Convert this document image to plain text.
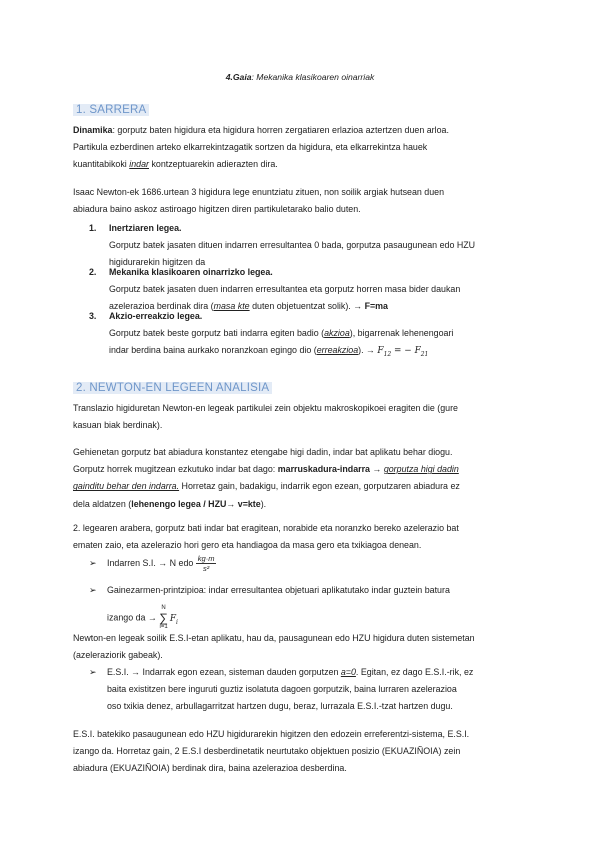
4.Gaia: Mekanika klasikoaren oinarriak
1. SARRERA
Dinamika: gorputz baten higidura eta higidura horren zergatiaren erlazioa aztertzen duen arloa.
Partikula ezberdinen arteko elkarrekintzagatik sortzen da higidura, eta elkarrekintza hauek
kuantitabikoki indar kontzeptuarekin adierazten dira.
Isaac Newton-ek 1686.urtean 3 higidura lege enuntziatu zituen, non soilik argiak hutsean duen
abiadura baino askoz astiroago higitzen diren partikuletarako balio duten.
1. Inertziaren legea.
Gorputz batek jasaten dituen indarren erresultantea 0 bada, gorputza pasaugunean edo HZU
higidurarekin higitzen da
2. Mekanika klasikoaren oinarrizko legea.
Gorputz batek jasaten duen indarren erresultantea eta gorputz horren masa bider daukan
azelerazioa berdinak dira (masa kte duten objetuentzat solik). → F=ma
3. Akzio-erreakzio legea.
Gorputz batek beste gorputz bati indarra egiten badio (akzioa), bigarrenak lehenengoari
indar berdina baina aurkako noranzkoan egingo dio (erreakzioa). → $F_{12}$ = − $F_{21}$
2. NEWTON-EN LEGEEN ANALISIA
Translazio higiduretan Newton-en legeak partikulei zein objektu makroskopikoei eragiten die (gure
kasuan biak berdinak).
Gehienetan gorputz bat abiadura konstantez etengabe higi dadin, indar bat aplikatu behar diogu.
Gorputz horrek mugitzean ezkutuko indar bat dago: marruskadura-indarra → gorputza higi dadin
gainditu behar den indarra. Horretaz gain, badakigu, indarrik egon ezean, gorputzaren abiadura ez
dela aldatzen (lehenengo legea / HZU→ v=kte).
2. legearen arabera, gorputz bati indar bat eragitean, norabide eta noranzko bereko azelerazio bat
ematen zaio, eta azelerazio hori gero eta handiagoa da masa gero eta txikiagoa denean.
➢ Indarren S.I. → N edo $\frac{kg\cdot m}{\text{s²}}$
➢ Gainezarmen-printzipioa: indar erresultantea objetuari aplikatutako indar guztein batura
izango da → N
∑
$i=1F_i$
Newton-en legeak soilik E.S.I-etan aplikatu, hau da, pausagunean edo HZU higidura duten sistemetan
(azeleraziorik gabeak).
➢ E.S.I. → Indarrak egon ezean, sisteman dauden gorputzen a=0. Egitan, ez dago E.S.I.-rik, ez
baita existitzen bere inguruti guztiz isolatuta dagoen gorputzik, baina lurraren azelerazioa
oso txikia denez, arbullagarritzat hartzen dugu, beraz, lurrazala E.S.I.-tzat hartzen dugu.
E.S.I. batekiko pasaugunean edo HZU higidurarekin higitzen den edozein erreferentzi-sistema, E.S.I.
izango da. Horretaz gain, 2 E.S.I desberdinetatik neurtutako objektuen posizio (EKUAZIÑOIA) zein
abiadura (EKUAZIÑOIA) berdinak dira, baina azelerazioa desberdina.
